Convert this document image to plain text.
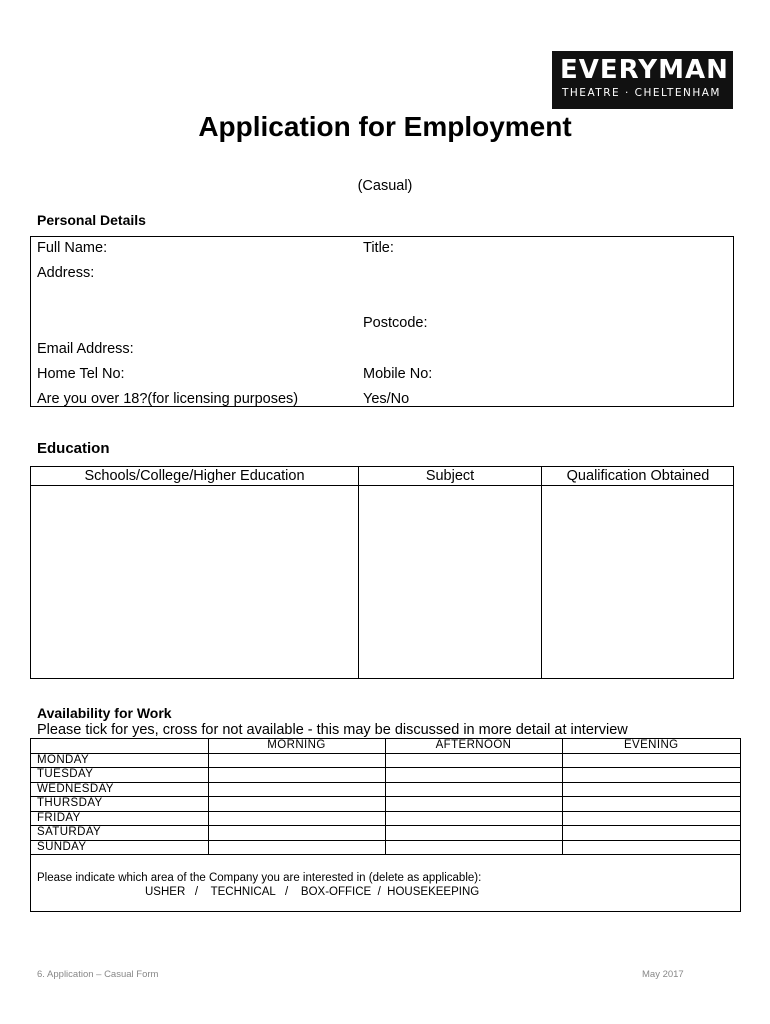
EVERYMAN
THEATRE · CHELTENHAM
Application for Employment
(Casual)
Personal Details
Full Name:	Title:
Address:
Postcode:
Email Address:
Home Tel No:	Mobile No:
Are you over 18?(for licensing purposes)	Yes/No
Education
Schools/College/Higher Education	Subject	Qualification Obtained
Availability for Work
Please tick for yes, cross for not available - this may be discussed in more detail at interview
	MORNING	AFTERNOON	EVENING
MONDAY			
TUESDAY			
WEDNESDAY			
THURSDAY			
FRIDAY			
SATURDAY			
SUNDAY			
Please indicate which area of the Company you are interested in (delete as applicable):
USHER   /    TECHNICAL   /    BOX-OFFICE  /  HOUSEKEEPING
6. Application – Casual Form	May 2017
